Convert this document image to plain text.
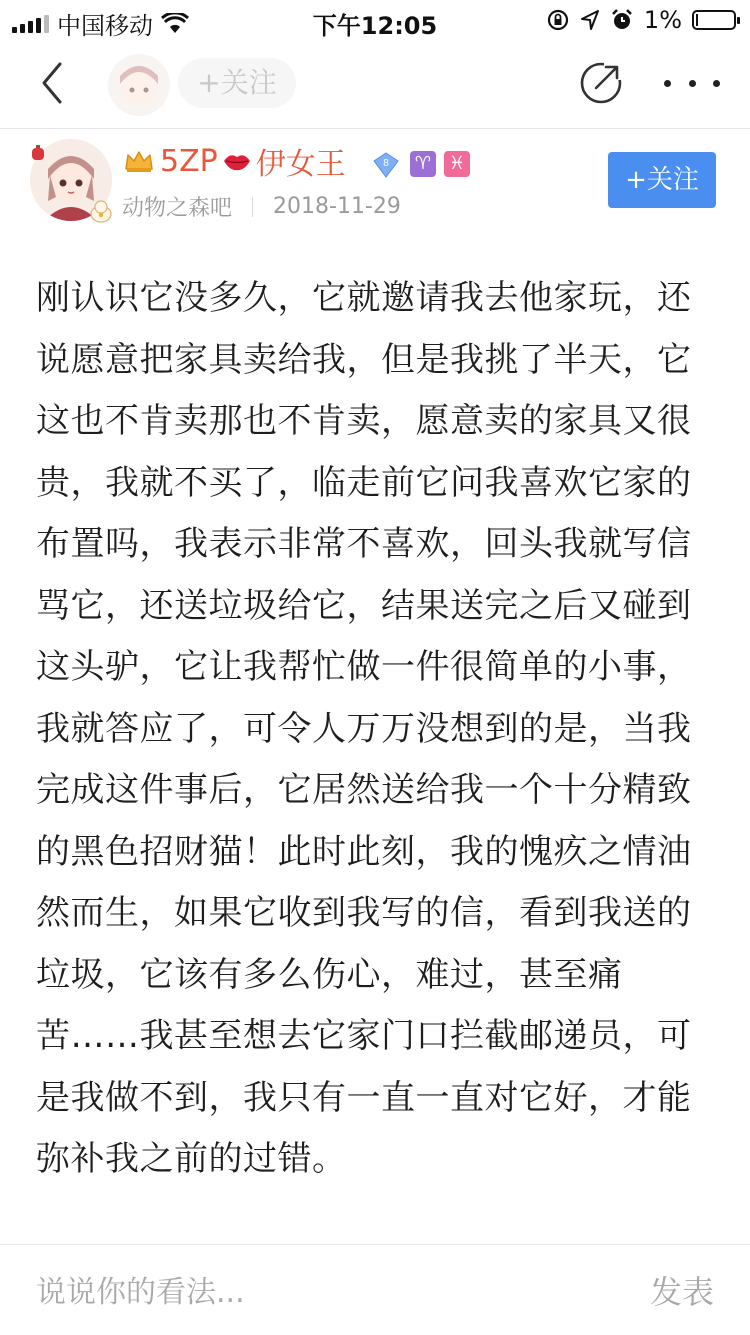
中国移动	下午12:05	1%
+关注
5ZP 伊女王	8 ♈ ♓
动物之森吧 2018-11-29
+关注
刚认识它没多久，它就邀请我去他家玩，还说愿意把家具卖给我，但是我挑了半天，它这也不肯卖那也不肯卖，愿意卖的家具又很贵，我就不买了，临走前它问我喜欢它家的布置吗，我表示非常不喜欢，回头我就写信骂它，还送垃圾给它，结果送完之后又碰到这头驴，它让我帮忙做一件很简单的小事，我就答应了，可令人万万没想到的是，当我完成这件事后，它居然送给我一个十分精致的黑色招财猫！此时此刻，我的愧疚之情油然而生，如果它收到我写的信，看到我送的垃圾，它该有多么伤心，难过，甚至痛苦……我甚至想去它家门口拦截邮递员，可是我做不到，我只有一直一直对它好，才能弥补我之前的过错。
说说你的看法...	发表
